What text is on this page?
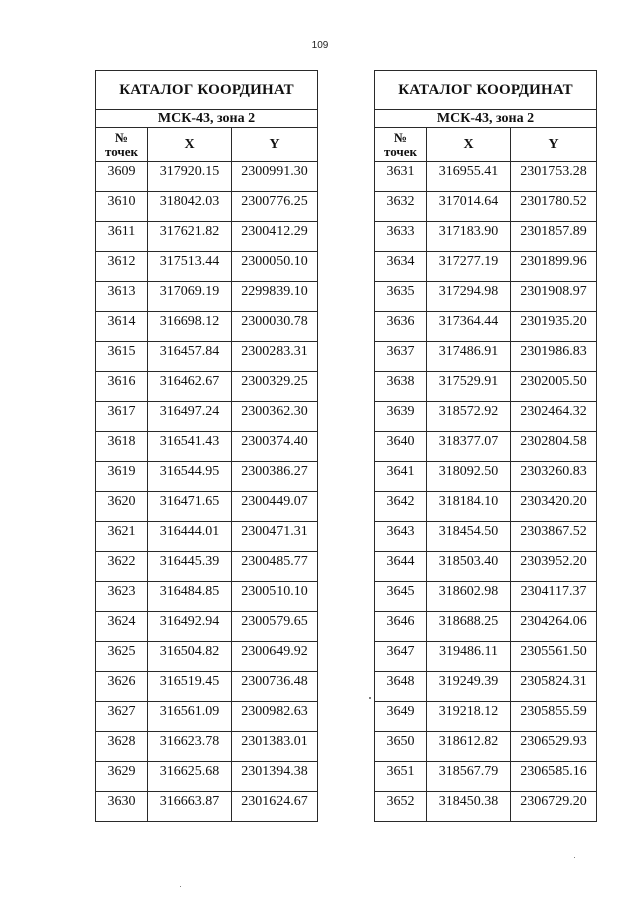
109
КАТАЛОГ КООРДИНАТ		
МСК-43, зона 2		

№
точек	X	Y
3609	317920.15	2300991.30
3610	318042.03	2300776.25
3611	317621.82	2300412.29
3612	317513.44	2300050.10
3613	317069.19	2299839.10
3614	316698.12	2300030.78
3615	316457.84	2300283.31
3616	316462.67	2300329.25
3617	316497.24	2300362.30
3618	316541.43	2300374.40
3619	316544.95	2300386.27
3620	316471.65	2300449.07
3621	316444.01	2300471.31
3622	316445.39	2300485.77
3623	316484.85	2300510.10
3624	316492.94	2300579.65
3625	316504.82	2300649.92
3626	316519.45	2300736.48
3627	316561.09	2300982.63
3628	316623.78	2301383.01
3629	316625.68	2301394.38
3630	316663.87	2301624.67
КАТАЛОГ КООРДИНАТ		
МСК-43, зона 2		

№
точек	X	Y
3631	316955.41	2301753.28
3632	317014.64	2301780.52
3633	317183.90	2301857.89
3634	317277.19	2301899.96
3635	317294.98	2301908.97
3636	317364.44	2301935.20
3637	317486.91	2301986.83
3638	317529.91	2302005.50
3639	318572.92	2302464.32
3640	318377.07	2302804.58
3641	318092.50	2303260.83
3642	318184.10	2303420.20
3643	318454.50	2303867.52
3644	318503.40	2303952.20
3645	318602.98	2304117.37
3646	318688.25	2304264.06
3647	319486.11	2305561.50
3648	319249.39	2305824.31
3649	319218.12	2305855.59
3650	318612.82	2306529.93
3651	318567.79	2306585.16
3652	318450.38	2306729.20
